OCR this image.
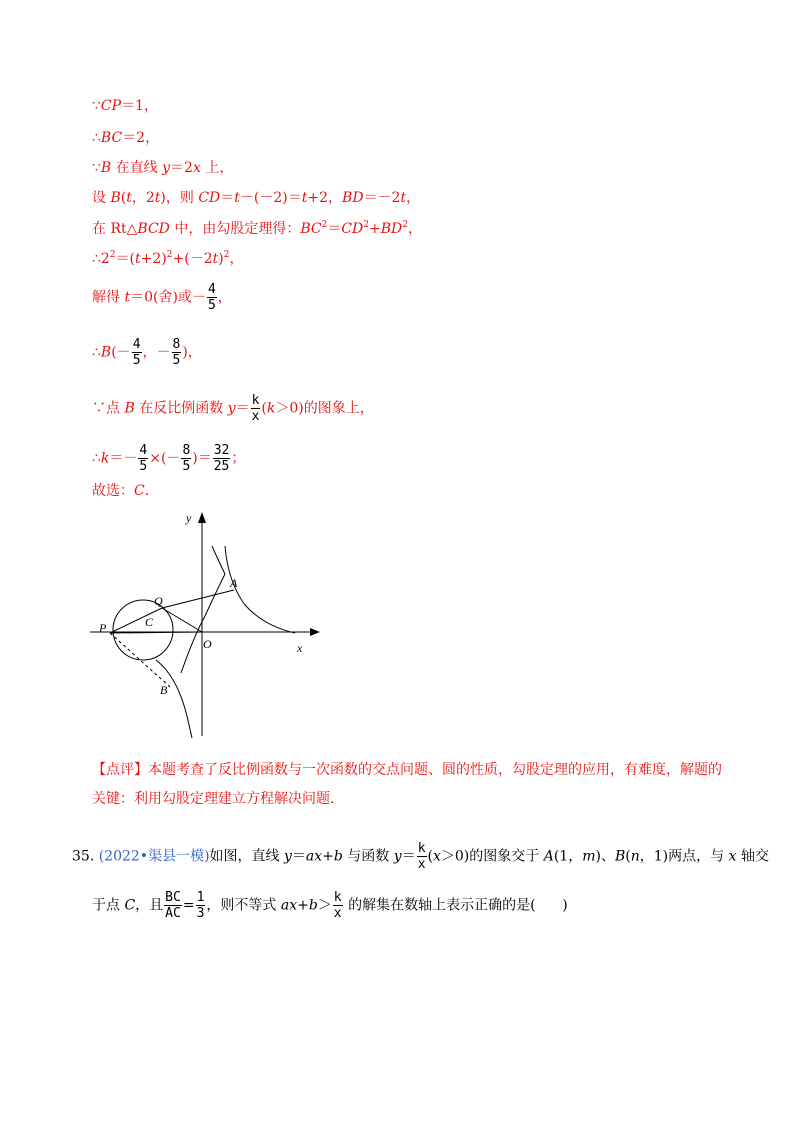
∵CP＝1，
∴BC＝2，
∵B 在直线 y＝2x 上，
设 B(t，2t)，则 CD＝t－(－2)＝t+2，BD＝－2t，
在 Rt△BCD 中，由勾股定理得：$BC^2=CD^2+BD^2$，
$\therefore 2^2=(t+2)^2+(-2t)^2$，
解得 t＝0(舍)或－ $\frac{4}{5}$ ，
∴B(－ $\frac{4}{5}$ ，－ $\frac{8}{5}$ )，
∵点 B 在反比例函数 $y= \frac{k}{x} (k>0)$的图象上，
∴k＝－ $\frac{4}{5}$ ×(－ $\frac{8}{5}$ )＝ $\frac{32}{25}$ ；
故选：C．
y
x
O
A
Q
C
P
B
【点评】本题考查了反比例函数与一次函数的交点问题、圆的性质，勾股定理的应用，有难度，解题的关键：利用勾股定理建立方程解决问题.
35. (2022•渠县一模)如图，直线 y＝ax+b 与函数 $y= \frac{k}{x} (x>0)$的图象交于 A(1，m)、B(n，1)两点，与 x 轴交
于点 C，且 $\frac{BC}{AC} = \frac{1}{3}$ ，则不等式 $ax+b> \frac{k}{x}$ 的解集在数轴上表示正确的是( )
